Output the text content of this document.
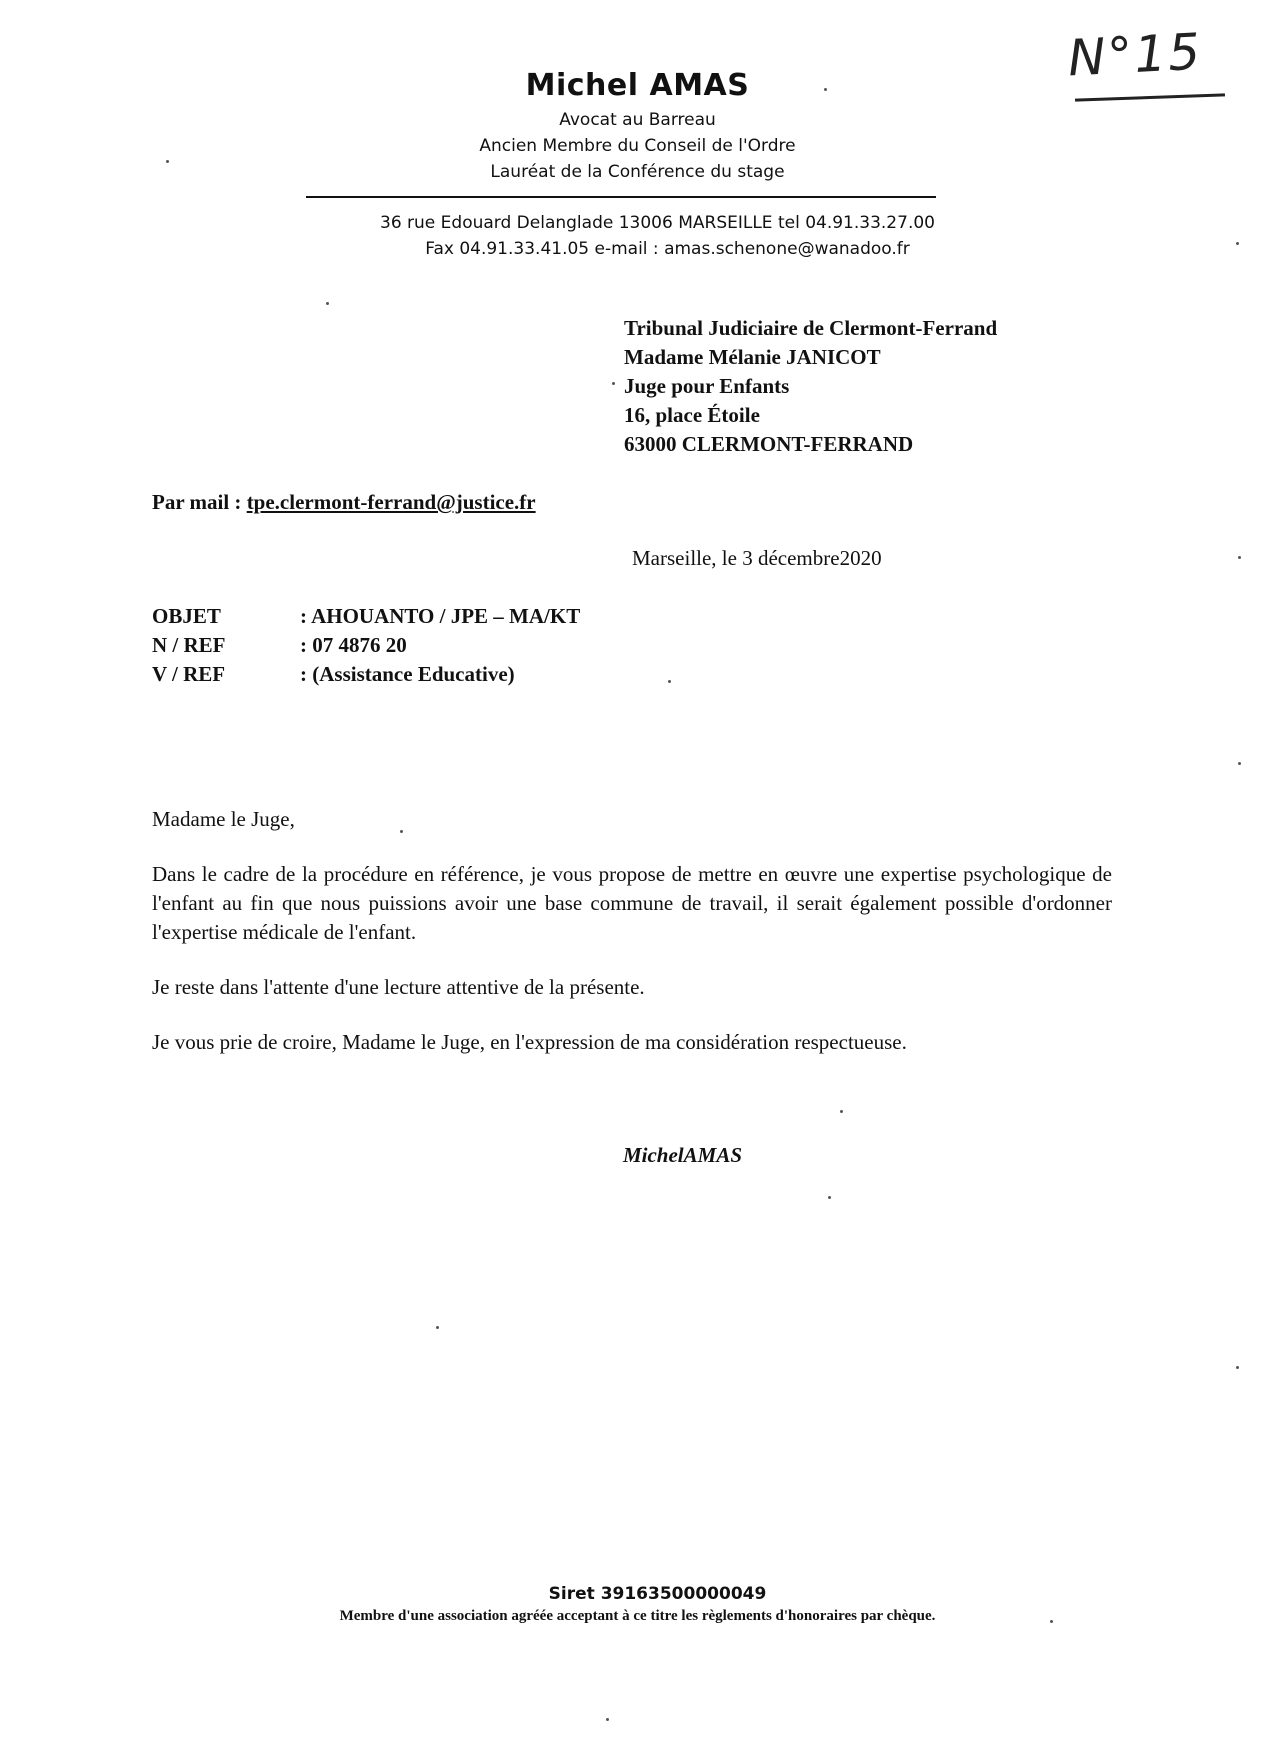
N°15
Michel AMAS
Avocat au Barreau
Ancien Membre du Conseil de l'Ordre
Lauréat de la Conférence du stage
36 rue Edouard Delanglade 13006 MARSEILLE tel 04.91.33.27.00
Fax 04.91.33.41.05 e-mail : amas.schenone@wanadoo.fr
Tribunal Judiciaire de Clermont-Ferrand
Madame Mélanie JANICOT
Juge pour Enfants
16, place Étoile
63000 CLERMONT-FERRAND
Par mail : tpe.clermont-ferrand@justice.fr
Marseille, le 3 décembre2020
OBJET	: AHOUANTO / JPE – MA/KT
N / REF	: 07 4876 20
V / REF	: (Assistance Educative)

Madame le Juge,

Dans le cadre de la procédure en référence, je vous propose de mettre en œuvre une expertise psychologique de l'enfant au fin que nous puissions avoir une base commune de travail, il serait également possible d'ordonner l'expertise médicale de l'enfant.

Je reste dans l'attente d'une lecture attentive de la présente.

Je vous prie de croire, Madame le Juge, en l'expression de ma considération respectueuse.

MichelAMAS
Siret 39163500000049
Membre d'une association agréée acceptant à ce titre les règlements d'honoraires par chèque.
